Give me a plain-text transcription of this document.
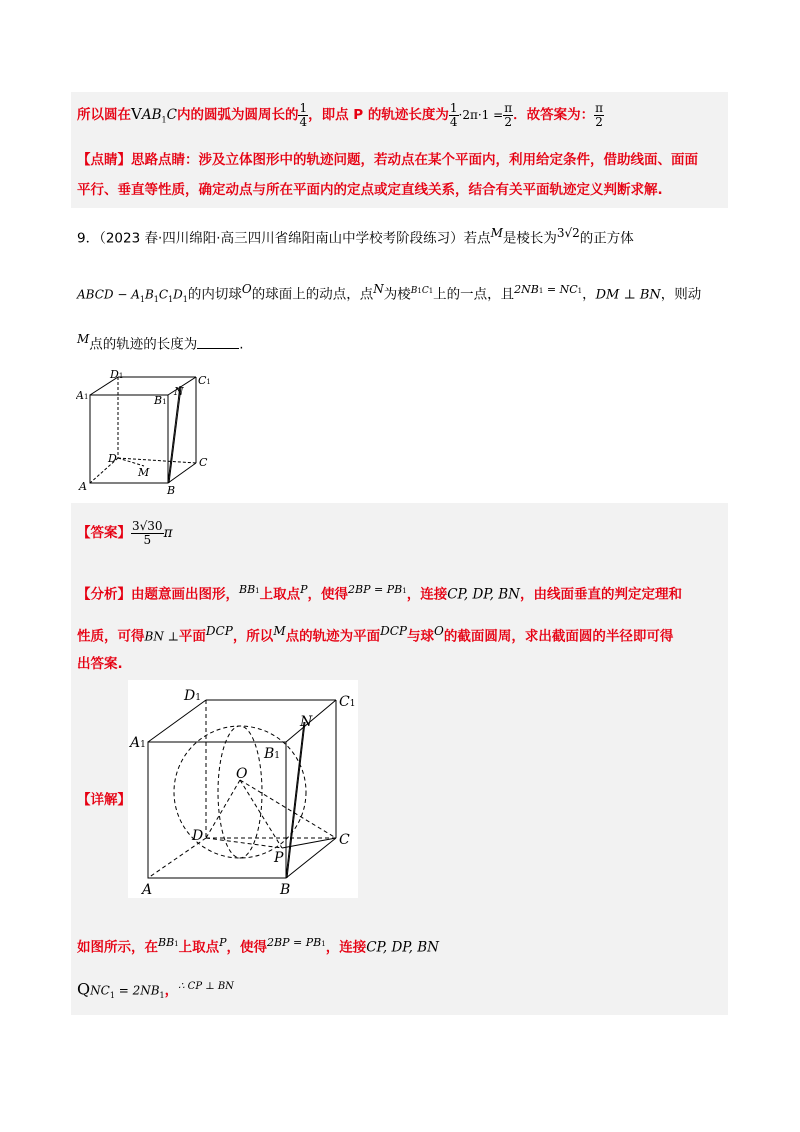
所以圆在$VAB_1C$内的圆弧为圆周长的 $\frac{1}{4}$ ，即点 P 的轨迹长度为 $\frac{1}{4} \cdot 2\pi\cdot 1 = \frac{\pi}{2}$ ．故答案为： $\frac{\pi}{2}$
【点睛】思路点睛：涉及立体图形中的轨迹问题，若动点在某个平面内，利用给定条件，借助线面、面面
平行、垂直等性质，确定动点与所在平面内的定点或定直线关系，结合有关平面轨迹定义判断求解.
9．（2023 春·四川绵阳·高三四川省绵阳南山中学校考阶段练习）若点$^M$是棱长为$^{3√2}$的正方体
ABCD − $A_1B_1C_1D_1$的内切球$^O$的球面上的动点，点$^N$为棱$^{B1C1}$上的一点，且$^{2NB1 = NC1}$，DM ⊥ BN，则动
$^M$点的轨迹的长度为	.
D1	C1
A1	B1
N
D	C
M
A	B
【答案】 $\frac{3√30}{5}$ π
【分析】由题意画出图形，$^{BB1}$上取点$^P$，使得$^{2BP = PB1}$，连接CP, DP, BN，由线面垂直的判定定理和
性质，可得BN ⊥平面$^{DCP}$，所以$^M$点的轨迹为平面$^{DCP}$与球$^O$的截面圆周，求出截面圆的半径即可得
出答案.
【详解】
D1	C1
A1
B1
N
O
D	C
P
A	B
如图所示，在$^{BB1}$上取点$^P$，使得$^{2BP = PB1}$，连接CP, DP, BN
$QNC_1 = 2NB_1$，$^{\therefore CP \perp BN}$
